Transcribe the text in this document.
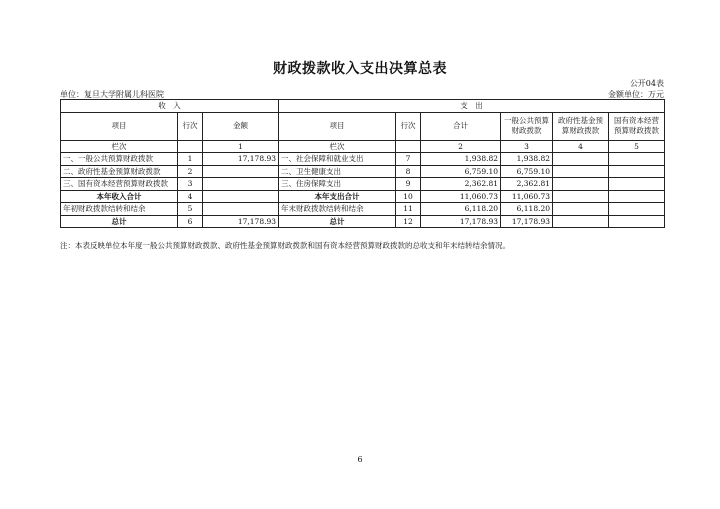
财政拨款收入支出决算总表
公开04表
单位：复旦大学附属儿科医院	金额单位：万元
收　入			支　出					
项目	行次	金额	项目	行次	合计	一般公共预算财政拨款	政府性基金预算财政拨款	国有资本经营预算财政拨款
栏次		1	栏次		2	3	4	5
一、一般公共预算财政拨款	1	17,178.93	一、社会保障和就业支出	7	1,938.82	1,938.82		
二、政府性基金预算财政拨款	2		二、卫生健康支出	8	6,759.10	6,759.10		
三、国有资本经营预算财政拨款	3		三、住房保障支出	9	2,362.81	2,362.81		
本年收入合计	4		本年支出合计	10	11,060.73	11,060.73		
年初财政拨款结转和结余	5		年末财政拨款结转和结余	11	6,118.20	6,118.20		
总计	6	17,178.93	总计	12	17,178.93	17,178.93		
注：本表反映单位本年度一般公共预算财政拨款、政府性基金预算财政拨款和国有资本经营预算财政拨款的总收支和年末结转结余情况。
6
